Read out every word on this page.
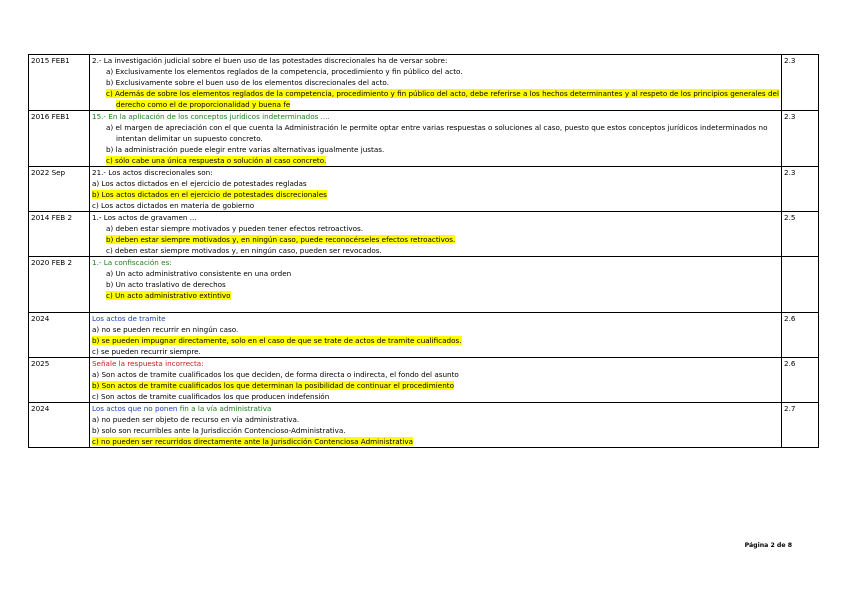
2015 FEB1	2.- La investigación judicial sobre el buen uso de las potestades discrecionales ha de versar sobre:
a) Exclusivamente los elementos reglados de la competencia, procedimiento y fin público del acto.
b) Exclusivamente sobre el buen uso de los elementos discrecionales del acto.
c) Además de sobre los elementos reglados de la competencia, procedimiento y fin público del acto, debe referirse a los hechos determinantes y al respeto de los principios generales del derecho como el de proporcionalidad y buena fe	2.3
2016 FEB1	15.- En la aplicación de los conceptos jurídicos indeterminados ....
a) el margen de apreciación con el que cuenta la Administración le permite optar entre varias respuestas o soluciones al caso, puesto que estos conceptos jurídicos indeterminados no intentan delimitar un supuesto concreto.
b) la administración puede elegir entre varias alternativas igualmente justas.
c) sólo cabe una única respuesta o solución al caso concreto.	2.3
2022 Sep	21.- Los actos discrecionales son:
a) Los actos dictados en el ejercicio de potestades regladas
b) Los actos dictados en el ejercicio de potestades discrecionales
c) Los actos dictados en materia de gobierno	2.3
2014 FEB 2	1.- Los actos de gravamen ...
a) deben estar siempre motivados y pueden tener efectos retroactivos.
b) deben estar siempre motivados y, en ningún caso, puede reconocérseles efectos retroactivos.
c) deben estar siempre motivados y, en ningún caso, pueden ser revocados.	2.5
2020 FEB 2	1.- La confiscación es:
a) Un acto administrativo consistente en una orden
b) Un acto traslativo de derechos
c) Un acto administrativo extintivo	

2024	Los actos de tramite
a) no se pueden recurrir en ningún caso.
b) se pueden impugnar directamente, solo en el caso de que se trate de actos de tramite cualificados.
c) se pueden recurrir siempre.	2.6
2025	Señale la respuesta incorrecta:
a) Son actos de tramite cualificados los que deciden, de forma directa o indirecta, el fondo del asunto
b) Son actos de tramite cualificados los que determinan la posibilidad de continuar el procedimiento
c) Son actos de tramite cualificados los que producen indefensión	2.6
2024	Los actos que no ponen fin a la vía administrativa
a) no pueden ser objeto de recurso en vía administrativa.
b) solo son recurribles ante la Jurisdicción Contencioso-Administrativa.
c) no pueden ser recurridos directamente ante la Jurisdicción Contenciosa Administrativa	2.7
Página 2 de 8
